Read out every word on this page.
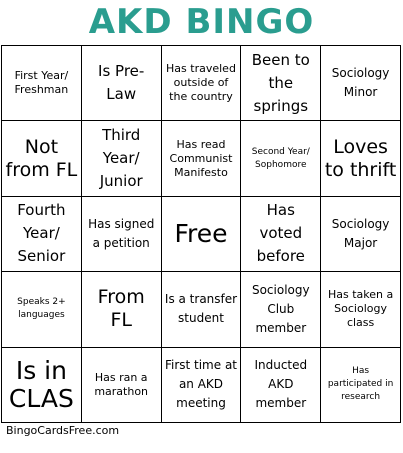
AKD BINGO
First Year/ Freshman
Is Pre-Law
Has traveled outside of the country
Been to the springs
Sociology Minor
Not from FL
Third Year/ Junior
Has read Communist Manifesto
Second Year/ Sophomore
Loves to thrift
Fourth Year/ Senior
Has signed a petition Free
Has voted before
Sociology Major
Speaks 2+ languages
From FL
Is a transfer student
Sociology Club member
Has taken a Sociology class
Is in CLAS
Has ran a marathon
First time at an AKD meeting
Inducted AKD member
Has participated in research
BingoCardsFree.com
